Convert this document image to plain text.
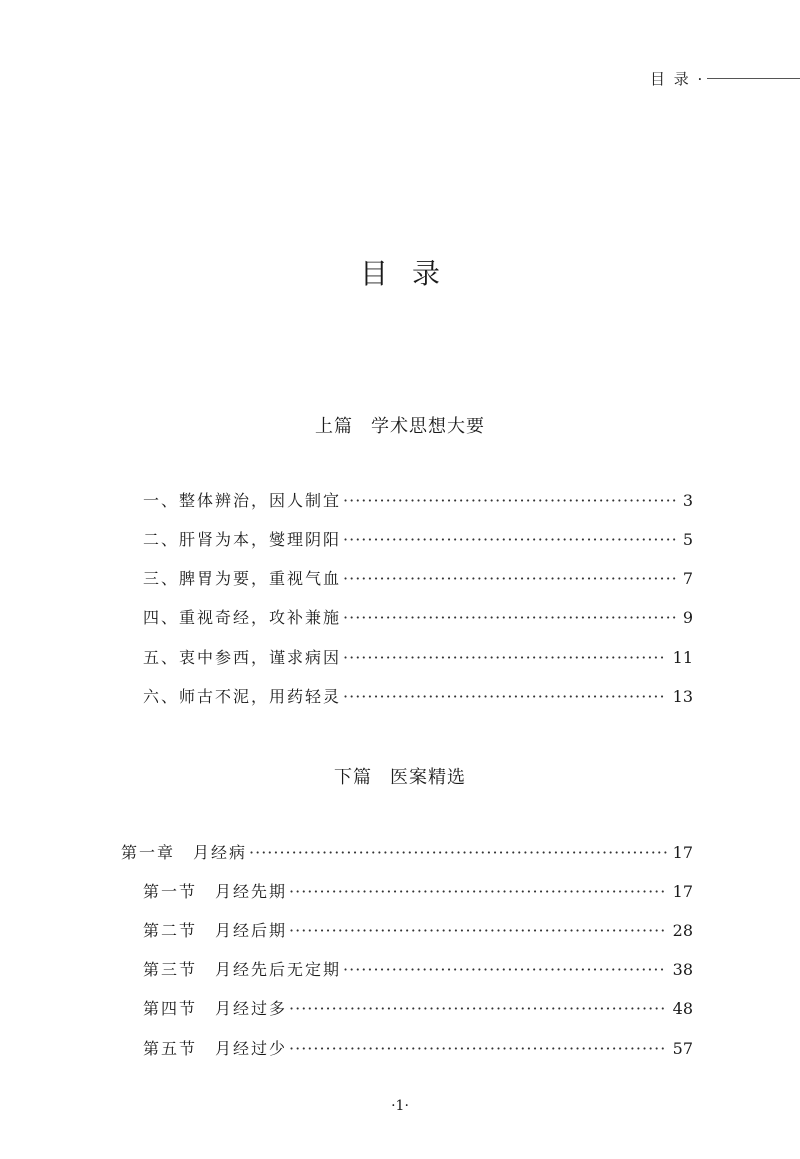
目 录 ·
目录
上篇 学术思想大要
一、整体辨治，因人制宜 ·····	3
二、肝肾为本，燮理阴阳 ·····	5
三、脾胃为要，重视气血 ·····	7
四、重视奇经，攻补兼施 ·····	9
五、衷中参西，谨求病因 ·····	11
六、师古不泥，用药轻灵 ·····	13
下篇 医案精选
第一章　月经病 ·····	17
第一节　月经先期 ·····	17
第二节　月经后期 ·····	28
第三节　月经先后无定期 ·····	38
第四节　月经过多 ·····	48
第五节　月经过少 ·····	57
·1·
